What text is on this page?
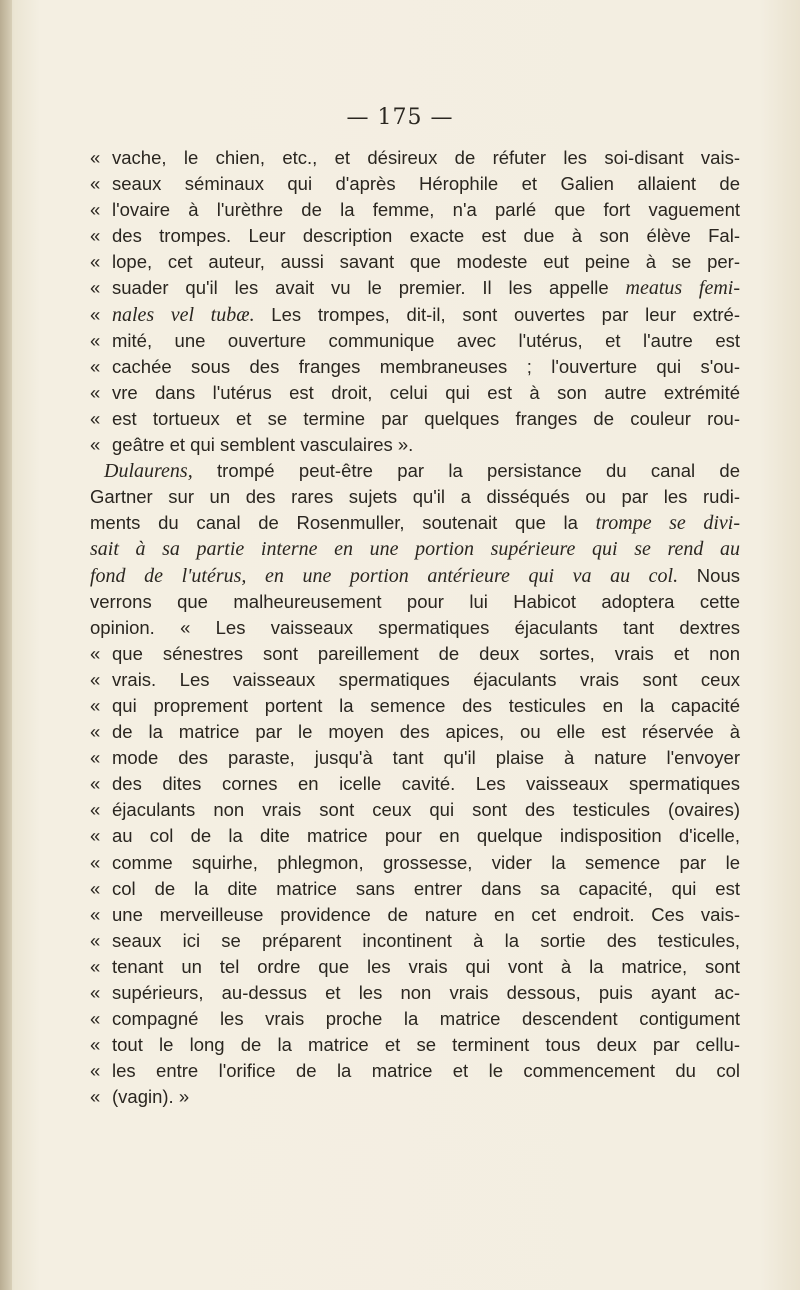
— 175 —
« vache, le chien, etc., et désireux de réfuter les soi-disant vais-
« seaux séminaux qui d'après Hérophile et Galien allaient de
« l'ovaire à l'urèthre de la femme, n'a parlé que fort vaguement
« des trompes. Leur description exacte est due à son élève Fal-
« lope, cet auteur, aussi savant que modeste eut peine à se per-
« suader qu'il les avait vu le premier. Il les appelle meatus femi-
« nales vel tubæ. Les trompes, dit-il, sont ouvertes par leur extré-
« mité, une ouverture communique avec l'utérus, et l'autre est
« cachée sous des franges membraneuses ; l'ouverture qui s'ou-
« vre dans l'utérus est droit, celui qui est à son autre extrémité
« est tortueux et se termine par quelques franges de couleur rou-
« geâtre et qui semblent vasculaires ».
Dulaurens, trompé peut-être par la persistance du canal de
Gartner sur un des rares sujets qu'il a disséqués ou par les rudi-
ments du canal de Rosenmuller, soutenait que la trompe se divi-
sait à sa partie interne en une portion supérieure qui se rend au
fond de l'utérus, en une portion antérieure qui va au col. Nous
verrons que malheureusement pour lui Habicot adoptera cette
opinion. « Les vaisseaux spermatiques éjaculants tant dextres
« que sénestres sont pareillement de deux sortes, vrais et non
« vrais. Les vaisseaux spermatiques éjaculants vrais sont ceux
« qui proprement portent la semence des testicules en la capacité
« de la matrice par le moyen des apices, ou elle est réservée à
« mode des paraste, jusqu'à tant qu'il plaise à nature l'envoyer
« des dites cornes en icelle cavité. Les vaisseaux spermatiques
« éjaculants non vrais sont ceux qui sont des testicules (ovaires)
« au col de la dite matrice pour en quelque indisposition d'icelle,
« comme squirhe, phlegmon, grossesse, vider la semence par le
« col de la dite matrice sans entrer dans sa capacité, qui est
« une merveilleuse providence de nature en cet endroit. Ces vais-
« seaux ici se préparent incontinent à la sortie des testicules,
« tenant un tel ordre que les vrais qui vont à la matrice, sont
« supérieurs, au-dessus et les non vrais dessous, puis ayant ac-
« compagné les vrais proche la matrice descendent contigument
« tout le long de la matrice et se terminent tous deux par cellu-
« les entre l'orifice de la matrice et le commencement du col
« (vagin). »
